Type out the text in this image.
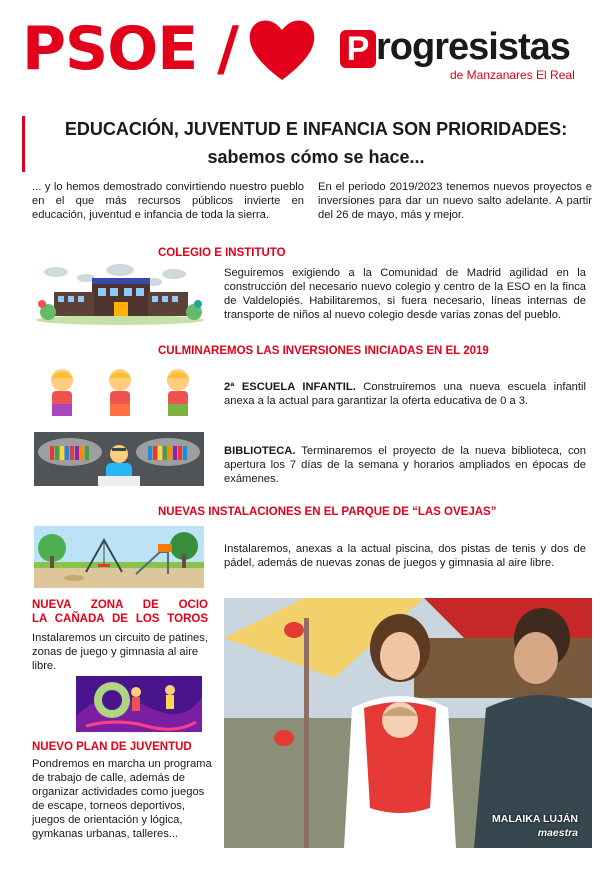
PSOE /	P rogresistas
de Manzanares El Real
EDUCACIÓN, JUVENTUD E INFANCIA SON PRIORIDADES:
sabemos cómo se hace...
... y lo hemos demostrado convirtiendo nuestro pueblo en el que más recursos públicos invierte en educación, juventud e infancia de toda la sierra.
En el periodo 2019/2023 tenemos nuevos proyectos e inversiones para dar un nuevo salto adelante. A partir del 26 de mayo, más y mejor.
COLEGIO E INSTITUTO
Seguiremos exigiendo a la Comunidad de Madrid agilidad en la construcción del necesario nuevo colegio y centro de la ESO en la finca de Valdelopiés. Habilitaremos, si fuera necesario, líneas internas de transporte de niños al nuevo colegio desde varias zonas del pueblo.
CULMINAREMOS LAS INVERSIONES INICIADAS EN EL 2019
2ª ESCUELA INFANTIL. Construiremos una nueva escuela infantil anexa a la actual para garantizar la oferta educativa de 0 a 3.
BIBLIOTECA. Terminaremos el proyecto de la nueva biblioteca, con apertura los 7 días de la semana y horarios ampliados en épocas de exámenes.
NUEVAS INSTALACIONES EN EL PARQUE DE “LAS OVEJAS”
Instalaremos, anexas a la actual piscina, dos pistas de tenis y dos de pádel, además de nuevas zonas de juegos y gimnasia al aire libre.
NUEVA ZONA DE OCIO
LA CAÑADA DE LOS TOROS
Instalaremos un circuito de patines, zonas de juego y gimnasia al aire libre.
NUEVO PLAN DE JUVENTUD
Pondremos en marcha un programa de trabajo de calle, además de organizar actividades como juegos de escape, torneos deportivos, juegos de orientación y lógica, gymkanas urbanas, talleres...
MALAIKA LUJÁN
maestra
